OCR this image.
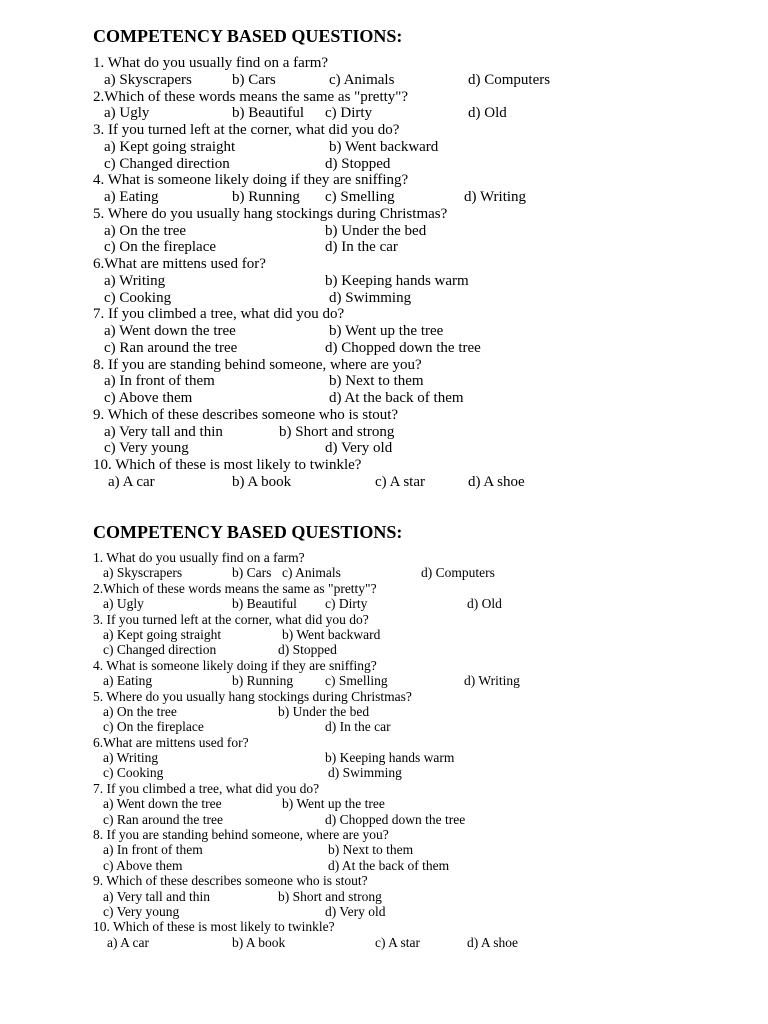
COMPETENCY BASED QUESTIONS:
1. What do you usually find on a farm?
a) Skyscrapers	b) Cars	c) Animals	d) Computers
2.Which of these words means the same as "pretty"?
a) Ugly	b) Beautiful c) Dirty	d) Old
3. If you turned left at the corner, what did you do?
a) Kept going straight	b) Went backward
c) Changed direction	d) Stopped
4. What is someone likely doing if they are sniffing?
a) Eating	b) Running c) Smelling	d) Writing
5. Where do you usually hang stockings during Christmas?
a) On the tree	b) Under the bed
c) On the fireplace	d) In the car
6.What are mittens used for?
a) Writing	b) Keeping hands warm
c) Cooking	d) Swimming
7. If you climbed a tree, what did you do?
a) Went down the tree	b) Went up the tree
c) Ran around the tree	d) Chopped down the tree
8. If you are standing behind someone, where are you?
a) In front of them	b) Next to them
c) Above them	d) At the back of them
9. Which of these describes someone who is stout?
a) Very tall and thin	b) Short and strong
c) Very young	d) Very old
10. Which of these is most likely to twinkle?
a) A car	b) A book	c) A star	d) A shoe
COMPETENCY BASED QUESTIONS:
1. What do you usually find on a farm?
a) Skyscrapers	b) Cars c) Animals	d) Computers
2.Which of these words means the same as "pretty"?
a) Ugly	b) Beautiful c) Dirty	d) Old
3. If you turned left at the corner, what did you do?
a) Kept going straight	b) Went backward
c) Changed direction	d) Stopped
4. What is someone likely doing if they are sniffing?
a) Eating	b) Running c) Smelling	d) Writing
5. Where do you usually hang stockings during Christmas?
a) On the tree	b) Under the bed
c) On the fireplace	d) In the car
6.What are mittens used for?
a) Writing	b) Keeping hands warm
c) Cooking	d) Swimming
7. If you climbed a tree, what did you do?
a) Went down the tree	b) Went up the tree
c) Ran around the tree	d) Chopped down the tree
8. If you are standing behind someone, where are you?
a) In front of them	b) Next to them
c) Above them	d) At the back of them
9. Which of these describes someone who is stout?
a) Very tall and thin	b) Short and strong
c) Very young	d) Very old
10. Which of these is most likely to twinkle?
a) A car	b) A book	c) A star	d) A shoe
